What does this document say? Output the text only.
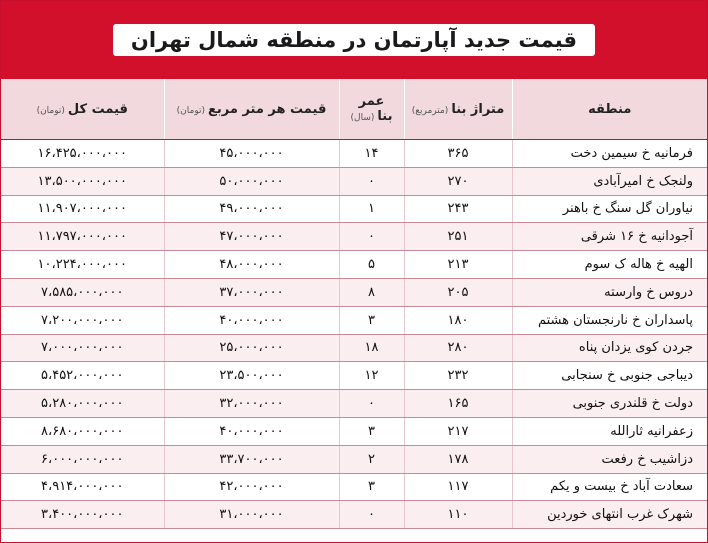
قیمت جدید آپارتمان در منطقه شمال تهران
منطقه	متراژ بنا(مترمربع)	عمر بنا(سال)	قیمت هر متر مربع(تومان)	قیمت کل(تومان)
فرمانیه خ سیمین دخت	۳۶۵	۱۴	۴۵،۰۰۰،۰۰۰	۱۶،۴۲۵،۰۰۰،۰۰۰
ولنجک خ امیرآبادی	۲۷۰	۰	۵۰،۰۰۰،۰۰۰	۱۳،۵۰۰،۰۰۰،۰۰۰
نیاوران گل سنگ خ باهنر	۲۴۳	۱	۴۹،۰۰۰،۰۰۰	۱۱،۹۰۷،۰۰۰،۰۰۰
آجودانیه خ ۱۶ شرقی	۲۵۱	۰	۴۷،۰۰۰،۰۰۰	۱۱،۷۹۷،۰۰۰،۰۰۰
الهیه خ هاله ک سوم	۲۱۳	۵	۴۸،۰۰۰،۰۰۰	۱۰،۲۲۴،۰۰۰،۰۰۰
دروس خ وارسته	۲۰۵	۸	۳۷،۰۰۰،۰۰۰	۷،۵۸۵،۰۰۰،۰۰۰
پاسداران خ نارنجستان هشتم	۱۸۰	۳	۴۰،۰۰۰،۰۰۰	۷،۲۰۰،۰۰۰،۰۰۰
جردن کوی یزدان پناه	۲۸۰	۱۸	۲۵،۰۰۰،۰۰۰	۷،۰۰۰،۰۰۰،۰۰۰
دیباجی جنوبی خ سنجابی	۲۳۲	۱۲	۲۳،۵۰۰،۰۰۰	۵،۴۵۲،۰۰۰،۰۰۰
دولت خ قلندری جنوبی	۱۶۵	۰	۳۲،۰۰۰،۰۰۰	۵،۲۸۰،۰۰۰،۰۰۰
زعفرانیه ثارالله	۲۱۷	۳	۴۰،۰۰۰،۰۰۰	۸،۶۸۰،۰۰۰،۰۰۰
دزاشیب خ رفعت	۱۷۸	۲	۳۳،۷۰۰،۰۰۰	۶،۰۰۰،۰۰۰،۰۰۰
سعادت آباد خ بیست و یکم	۱۱۷	۳	۴۲،۰۰۰،۰۰۰	۴،۹۱۴،۰۰۰،۰۰۰
شهرک غرب انتهای خوردین	۱۱۰	۰	۳۱،۰۰۰،۰۰۰	۳،۴۰۰،۰۰۰،۰۰۰
